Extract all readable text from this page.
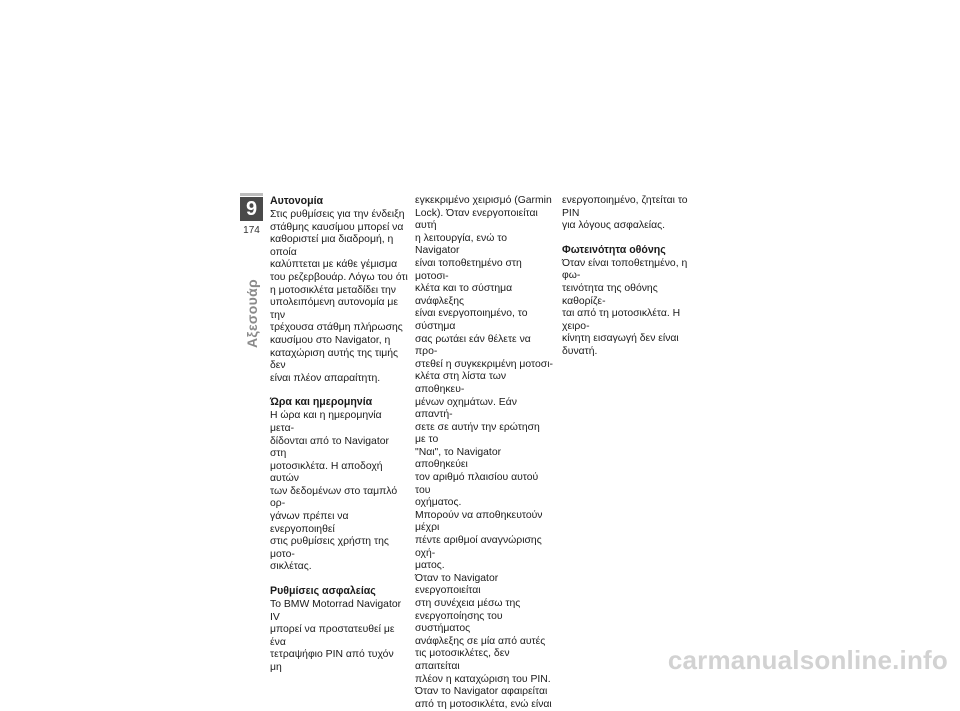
9
174
Αξεσουάρ
Αυτονομία

Στις ρυθμίσεις για την ένδειξη
στάθμης καυσίμου μπορεί να
καθοριστεί μια διαδρομή, η οποία
καλύπτεται με κάθε γέμισμα
του ρεζερβουάρ. Λόγω του ότι
η μοτοσικλέτα μεταδίδει την
υπολειπόμενη αυτονομία με την
τρέχουσα στάθμη πλήρωσης
καυσίμου στο Navigator, η
καταχώριση αυτής της τιμής δεν
είναι πλέον απαραίτητη.

Ώρα και ημερομηνία

Η ώρα και η ημερομηνία μετα-
δίδονται από το Navigator στη
μοτοσικλέτα. Η αποδοχή αυτών
των δεδομένων στο ταμπλό ορ-
γάνων πρέπει να ενεργοποιηθεί
στις ρυθμίσεις χρήστη της μοτο-
σικλέτας.

Ρυθμίσεις ασφαλείας

Το BMW Motorrad Navigator IV
μπορεί να προστατευθεί με ένα
τετραψήφιο PIN από τυχόν μη

εγκεκριμένο χειρισμό (Garmin
Lock). Όταν ενεργοποιείται αυτή
η λειτουργία, ενώ το Navigator
είναι τοποθετημένο στη μοτοσι-
κλέτα και το σύστημα ανάφλεξης
είναι ενεργοποιημένο, το σύστημα
σας ρωτάει εάν θέλετε να προ-
στεθεί η συγκεκριμένη μοτοσι-
κλέτα στη λίστα των αποθηκευ-
μένων οχημάτων. Εάν απαντή-
σετε σε αυτήν την ερώτηση με το
"Ναι", το Navigator αποθηκεύει
τον αριθμό πλαισίου αυτού του
οχήματος.
Μπορούν να αποθηκευτούν μέχρι
πέντε αριθμοί αναγνώρισης οχή-
ματος.
Όταν το Navigator ενεργοποιείται
στη συνέχεια μέσω της
ενεργοποίησης του συστήματος
ανάφλεξης σε μία από αυτές
τις μοτοσικλέτες, δεν απαιτείται
πλέον η καταχώριση του PIN.
Όταν το Navigator αφαιρείται
από τη μοτοσικλέτα, ενώ είναι

ενεργοποιημένο, ζητείται το PIN
για λόγους ασφαλείας.

Φωτεινότητα οθόνης

Όταν είναι τοποθετημένο, η φω-
τεινότητα της οθόνης καθορίζε-
ται από τη μοτοσικλέτα. Η χειρο-
κίνητη εισαγωγή δεν είναι δυνατή.

carmanualsonline.info
